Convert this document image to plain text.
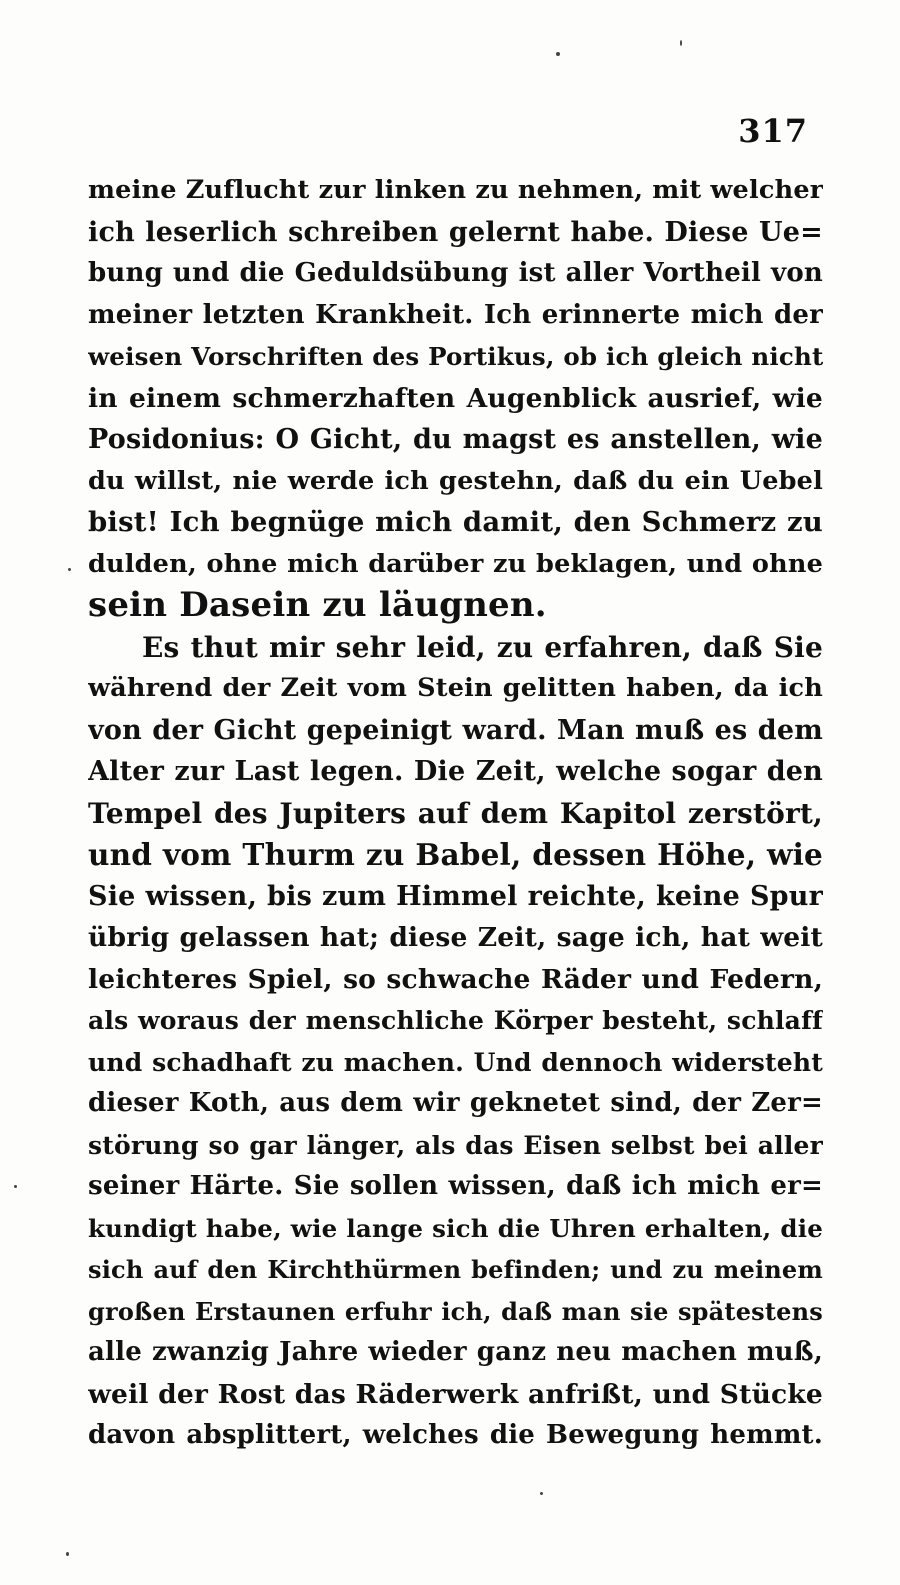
317
meine Zuflucht zur linken zu nehmen, mit welcher
ich leserlich schreiben gelernt habe. Diese Ue=
bung und die Geduldsübung ist aller Vortheil von
meiner letzten Krankheit. Ich erinnerte mich der
weisen Vorschriften des Portikus, ob ich gleich nicht
in einem schmerzhaften Augenblick ausrief, wie
Posidonius: O Gicht, du magst es anstellen, wie
du willst, nie werde ich gestehn, daß du ein Uebel
bist! Ich begnüge mich damit, den Schmerz zu
dulden, ohne mich darüber zu beklagen, und ohne
sein Dasein zu läugnen.
Es thut mir sehr leid, zu erfahren, daß Sie
während der Zeit vom Stein gelitten haben, da ich
von der Gicht gepeinigt ward. Man muß es dem
Alter zur Last legen. Die Zeit, welche sogar den
Tempel des Jupiters auf dem Kapitol zerstört,
und vom Thurm zu Babel, dessen Höhe, wie
Sie wissen, bis zum Himmel reichte, keine Spur
übrig gelassen hat; diese Zeit, sage ich, hat weit
leichteres Spiel, so schwache Räder und Federn,
als woraus der menschliche Körper besteht, schlaff
und schadhaft zu machen. Und dennoch widersteht
dieser Koth, aus dem wir geknetet sind, der Zer=
störung so gar länger, als das Eisen selbst bei aller
seiner Härte. Sie sollen wissen, daß ich mich er=
kundigt habe, wie lange sich die Uhren erhalten, die
sich auf den Kirchthürmen befinden; und zu meinem
großen Erstaunen erfuhr ich, daß man sie spätestens
alle zwanzig Jahre wieder ganz neu machen muß,
weil der Rost das Räderwerk anfrißt, und Stücke
davon absplittert, welches die Bewegung hemmt.
